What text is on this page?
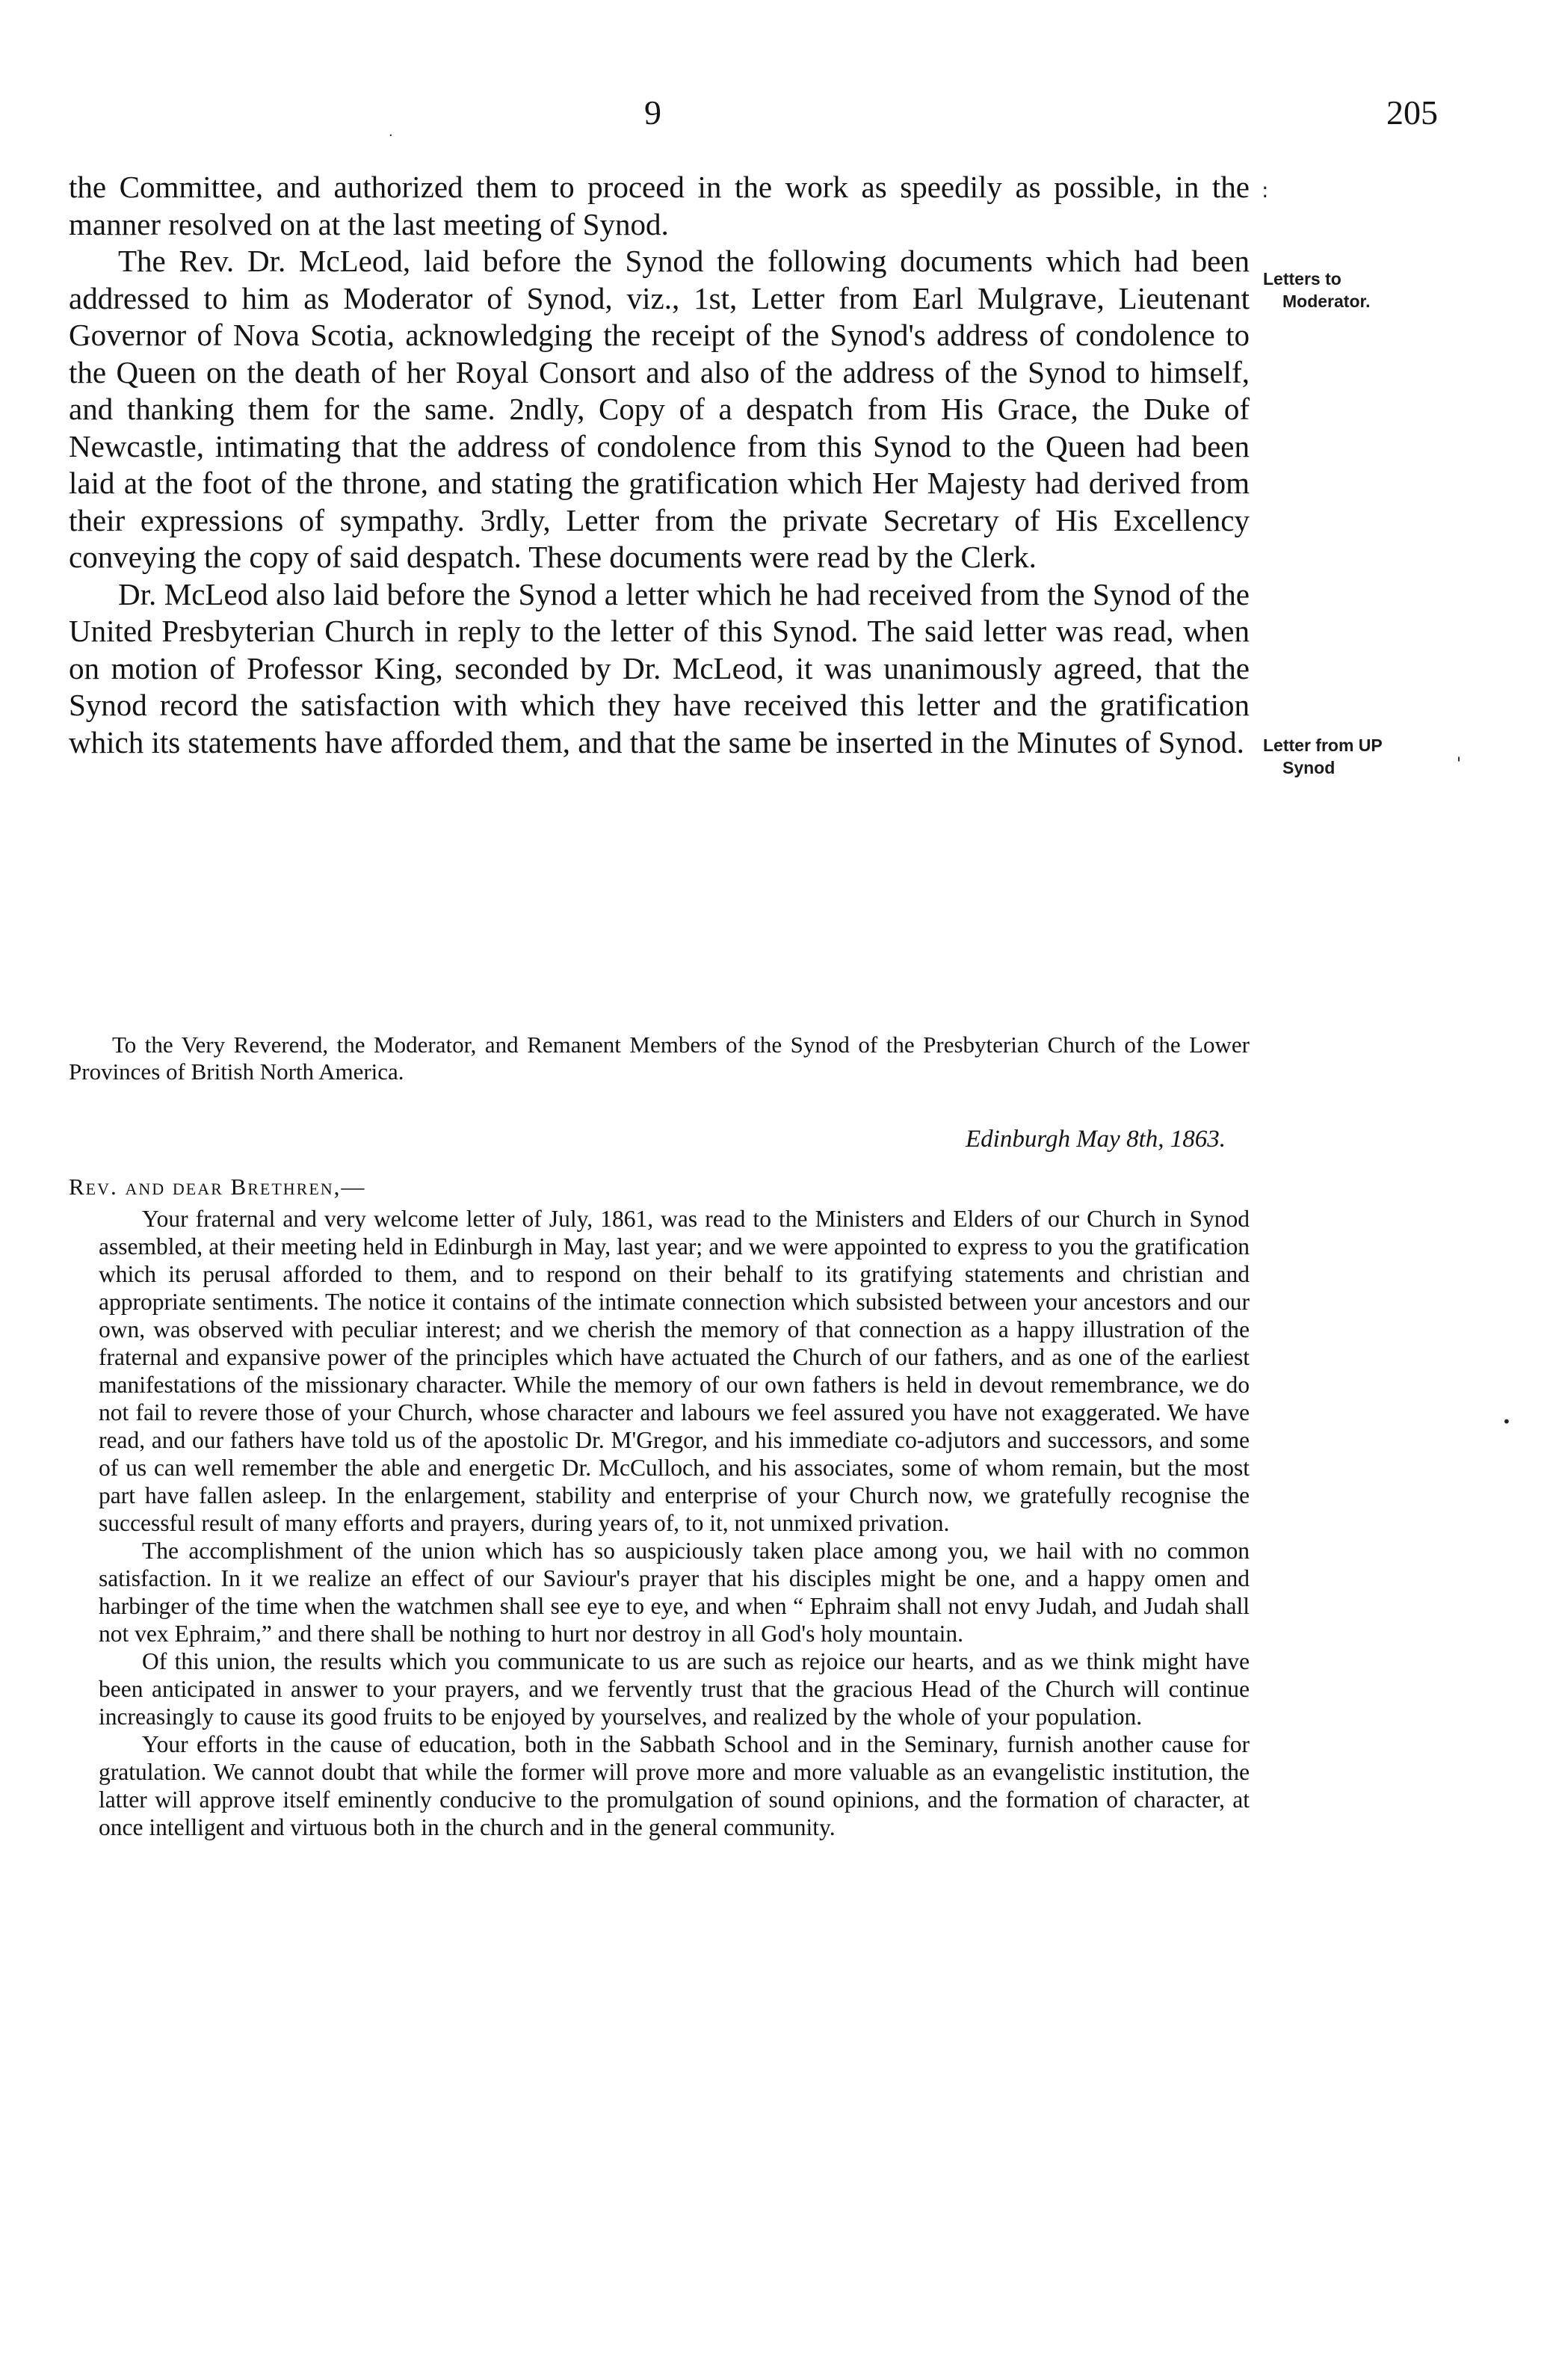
9	205
:
·

the Committee, and authorized them to proceed in the work as speedily as possible, in the manner resolved on at the last meeting of Synod.

The Rev. Dr. McLeod, laid before the Synod the following documents which had been addressed to him as Moderator of Synod, viz., 1st, Letter from Earl Mulgrave, Lieutenant Governor of Nova Scotia, acknowledging the receipt of the Synod's address of condolence to the Queen on the death of her Royal Consort and also of the address of the Synod to himself, and thanking them for the same. 2ndly, Copy of a despatch from His Grace, the Duke of Newcastle, intimating that the address of condolence from this Synod to the Queen had been laid at the foot of the throne, and stating the gratification which Her Majesty had derived from their expressions of sympathy. 3rdly, Letter from the private Secretary of His Excellency conveying the copy of said despatch. These documents were read by the Clerk.

Dr. McLeod also laid before the Synod a letter which he had received from the Synod of the United Presbyterian Church in reply to the letter of this Synod. The said letter was read, when on motion of Professor King, seconded by Dr. McLeod, it was unanimously agreed, that the Synod record the satisfaction with which they have received this letter and the gratification which its statements have afforded them, and that the same be inserted in the Minutes of Synod.

Letters to
Moderator.
Letter from UP
Synod	'

To the Very Reverend, the Moderator, and Remanent Members of the Synod of the Presbyterian Church of the Lower Provinces of British North America.

Edinburgh May 8th, 1863.
Rev. and dear Brethren,—

Your fraternal and very welcome letter of July, 1861, was read to the Ministers and Elders of our Church in Synod assembled, at their meeting held in Edinburgh in May, last year; and we were appointed to express to you the gratification which its perusal afforded to them, and to respond on their behalf to its gratifying statements and christian and appropriate sentiments. The notice it contains of the intimate connection which subsisted between your ancestors and our own, was observed with peculiar interest; and we cherish the memory of that connection as a happy illustration of the fraternal and expansive power of the principles which have actuated the Church of our fathers, and as one of the earliest manifestations of the missionary character. While the memory of our own fathers is held in devout remembrance, we do not fail to revere those of your Church, whose character and labours we feel assured you have not exaggerated. We have read, and our fathers have told us of the apostolic Dr. M'Gregor, and his immediate co-adjutors and successors, and some of us can well remember the able and energetic Dr. McCulloch, and his associates, some of whom remain, but the most part have fallen asleep. In the enlargement, stability and enterprise of your Church now, we gratefully recognise the successful result of many efforts and prayers, during years of, to it, not unmixed privation.

The accomplishment of the union which has so auspiciously taken place among you, we hail with no common satisfaction. In it we realize an effect of our Saviour's prayer that his disciples might be one, and a happy omen and harbinger of the time when the watchmen shall see eye to eye, and when “ Ephraim shall not envy Judah, and Judah shall not vex Ephraim,” and there shall be nothing to hurt nor destroy in all God's holy mountain.

Of this union, the results which you communicate to us are such as rejoice our hearts, and as we think might have been anticipated in answer to your prayers, and we fervently trust that the gracious Head of the Church will continue increasingly to cause its good fruits to be enjoyed by yourselves, and realized by the whole of your population.

Your efforts in the cause of education, both in the Sabbath School and in the Seminary, furnish another cause for gratulation. We cannot doubt that while the former will prove more and more valuable as an evangelistic institution, the latter will approve itself eminently conducive to the promulgation of sound opinions, and the formation of character, at once intelligent and virtuous both in the church and in the general community.

•
